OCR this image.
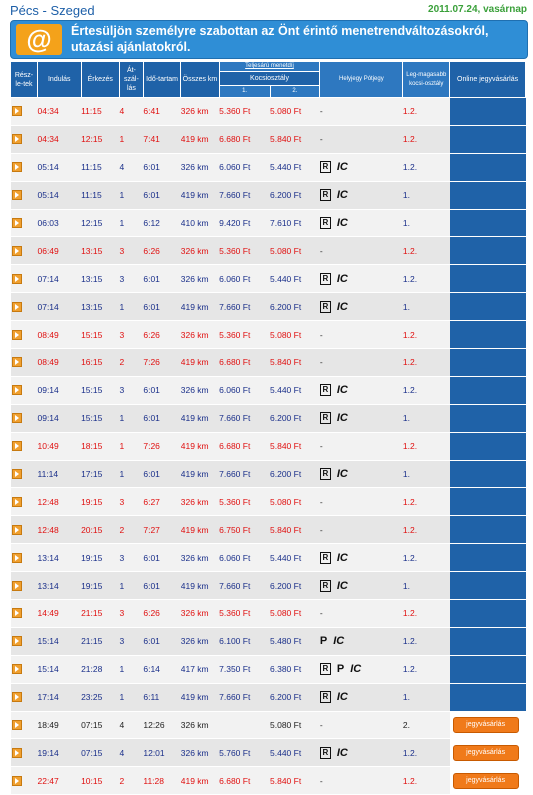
Pécs - Szeged	2011.07.24, vasárnap
@	Értesüljön személyre szabottan az Önt érintő menetrendváltozásokról, utazási ajánlatokról.
Rész-le-tek	Indulás	Érkezés	Át-szál-lás	Idő-tartam	Összes km	Teljesárú menetdíj		Helyjegy Pótjegy	Leg-magasabb kocsi-osztály	Online jegyvásárlás
						Kocsiosztály				
						1.	2.			
	04:34	11:15	4	6:41	326 km	5.360 Ft	5.080 Ft	-	1.2.	
	04:34	12:15	1	7:41	419 km	6.680 Ft	5.840 Ft	-	1.2.	
	05:14	11:15	4	6:01	326 km	6.060 Ft	5.440 Ft	R IC	1.2.	
	05:14	11:15	1	6:01	419 km	7.660 Ft	6.200 Ft	R IC	1.	
	06:03	12:15	1	6:12	410 km	9.420 Ft	7.610 Ft	R IC	1.	
	06:49	13:15	3	6:26	326 km	5.360 Ft	5.080 Ft	-	1.2.	
	07:14	13:15	3	6:01	326 km	6.060 Ft	5.440 Ft	R IC	1.2.	
	07:14	13:15	1	6:01	419 km	7.660 Ft	6.200 Ft	R IC	1.	
	08:49	15:15	3	6:26	326 km	5.360 Ft	5.080 Ft	-	1.2.	
	08:49	16:15	2	7:26	419 km	6.680 Ft	5.840 Ft	-	1.2.	
	09:14	15:15	3	6:01	326 km	6.060 Ft	5.440 Ft	R IC	1.2.	
	09:14	15:15	1	6:01	419 km	7.660 Ft	6.200 Ft	R IC	1.	
	10:49	18:15	1	7:26	419 km	6.680 Ft	5.840 Ft	-	1.2.	
	11:14	17:15	1	6:01	419 km	7.660 Ft	6.200 Ft	R IC	1.	
	12:48	19:15	3	6:27	326 km	5.360 Ft	5.080 Ft	-	1.2.	
	12:48	20:15	2	7:27	419 km	6.750 Ft	5.840 Ft	-	1.2.	
	13:14	19:15	3	6:01	326 km	6.060 Ft	5.440 Ft	R IC	1.2.	
	13:14	19:15	1	6:01	419 km	7.660 Ft	6.200 Ft	R IC	1.	
	14:49	21:15	3	6:26	326 km	5.360 Ft	5.080 Ft	-	1.2.	
	15:14	21:15	3	6:01	326 km	6.100 Ft	5.480 Ft	P IC	1.2.	
	15:14	21:28	1	6:14	417 km	7.350 Ft	6.380 Ft	R P IC	1.2.	
	17:14	23:25	1	6:11	419 km	7.660 Ft	6.200 Ft	R IC	1.	
	18:49	07:15	4	12:26	326 km		5.080 Ft	-	2.	jegyvásárlás
	19:14	07:15	4	12:01	326 km	5.760 Ft	5.440 Ft	R IC	1.2.	jegyvásárlás
	22:47	10:15	2	11:28	419 km	6.680 Ft	5.840 Ft	-	1.2.	jegyvásárlás
